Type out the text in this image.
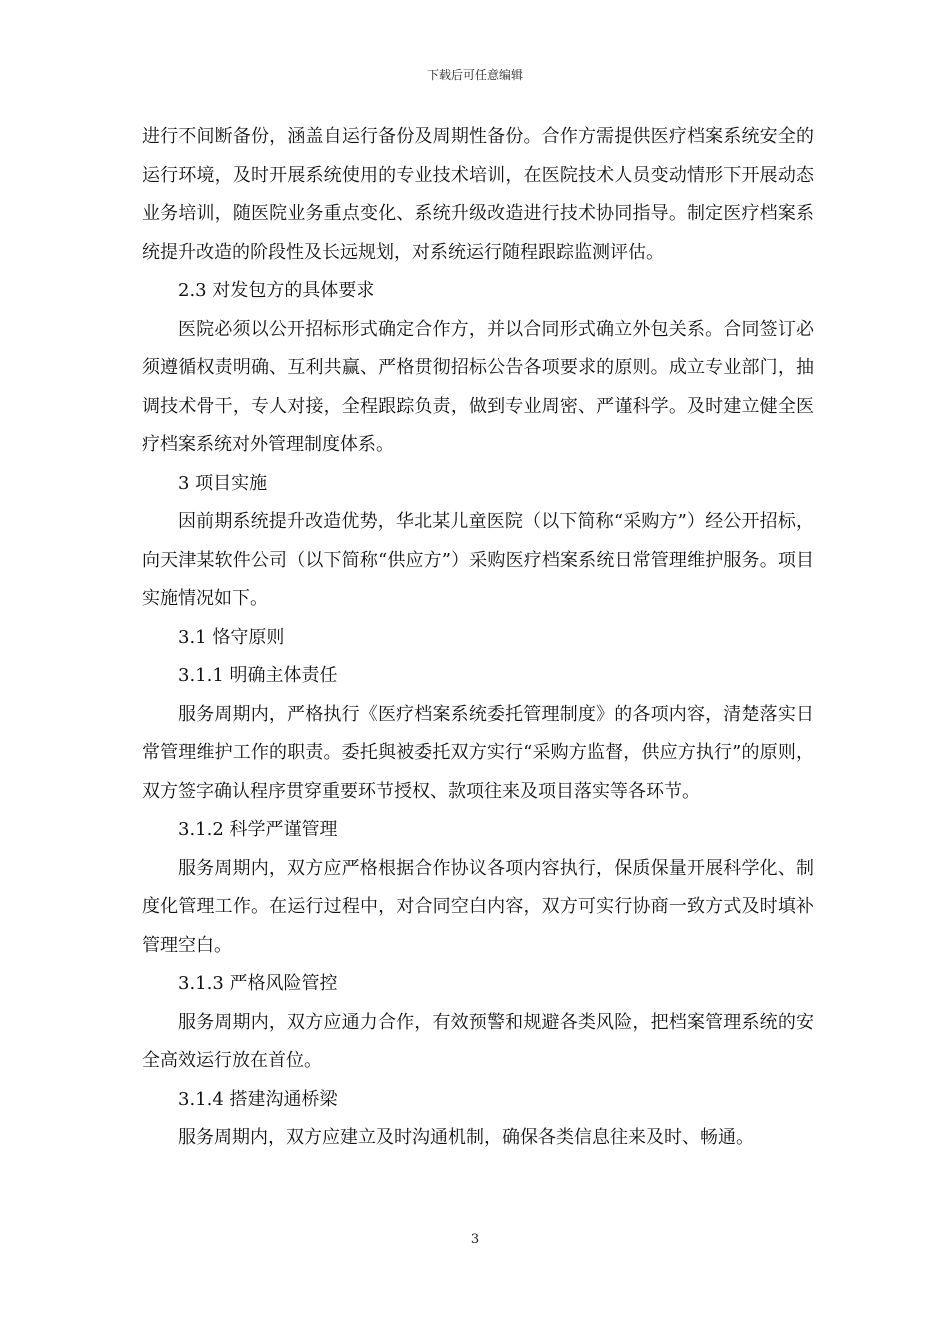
下载后可任意编辑

进行不间断备份，涵盖自运行备份及周期性备份。合作方需提供医疗档案系统安全的运行环境，及时开展系统使用的专业技术培训，在医院技术人员变动情形下开展动态业务培训，随医院业务重点变化、系统升级改造进行技术协同指导。制定医疗档案系统提升改造的阶段性及长远规划，对系统运行随程跟踪监测评估。

2.3 对发包方的具体要求

医院必须以公开招标形式确定合作方，并以合同形式确立外包关系。合同签订必须遵循权责明确、互利共赢、严格贯彻招标公告各项要求的原则。成立专业部门，抽调技术骨干，专人对接，全程跟踪负责，做到专业周密、严谨科学。及时建立健全医疗档案系统对外管理制度体系。

3 项目实施

因前期系统提升改造优势，华北某儿童医院（以下简称“采购方”）经公开招标，向天津某软件公司（以下简称“供应方”）采购医疗档案系统日常管理维护服务。项目实施情况如下。

3.1 恪守原则

3.1.1 明确主体责任

服务周期内，严格执行《医疗档案系统委托管理制度》的各项内容，清楚落实日常管理维护工作的职责。委托與被委托双方实行“采购方监督，供应方执行”的原则，双方签字确认程序贯穿重要环节授权、款项往来及项目落实等各环节。

3.1.2 科学严谨管理

服务周期内，双方应严格根据合作协议各项内容执行，保质保量开展科学化、制度化管理工作。在运行过程中，对合同空白内容，双方可实行协商一致方式及时填补管理空白。

3.1.3 严格风险管控

服务周期内，双方应通力合作，有效预警和规避各类风险，把档案管理系统的安全高效运行放在首位。

3.1.4 搭建沟通桥梁

服务周期内，双方应建立及时沟通机制，确保各类信息往来及时、畅通。

3
